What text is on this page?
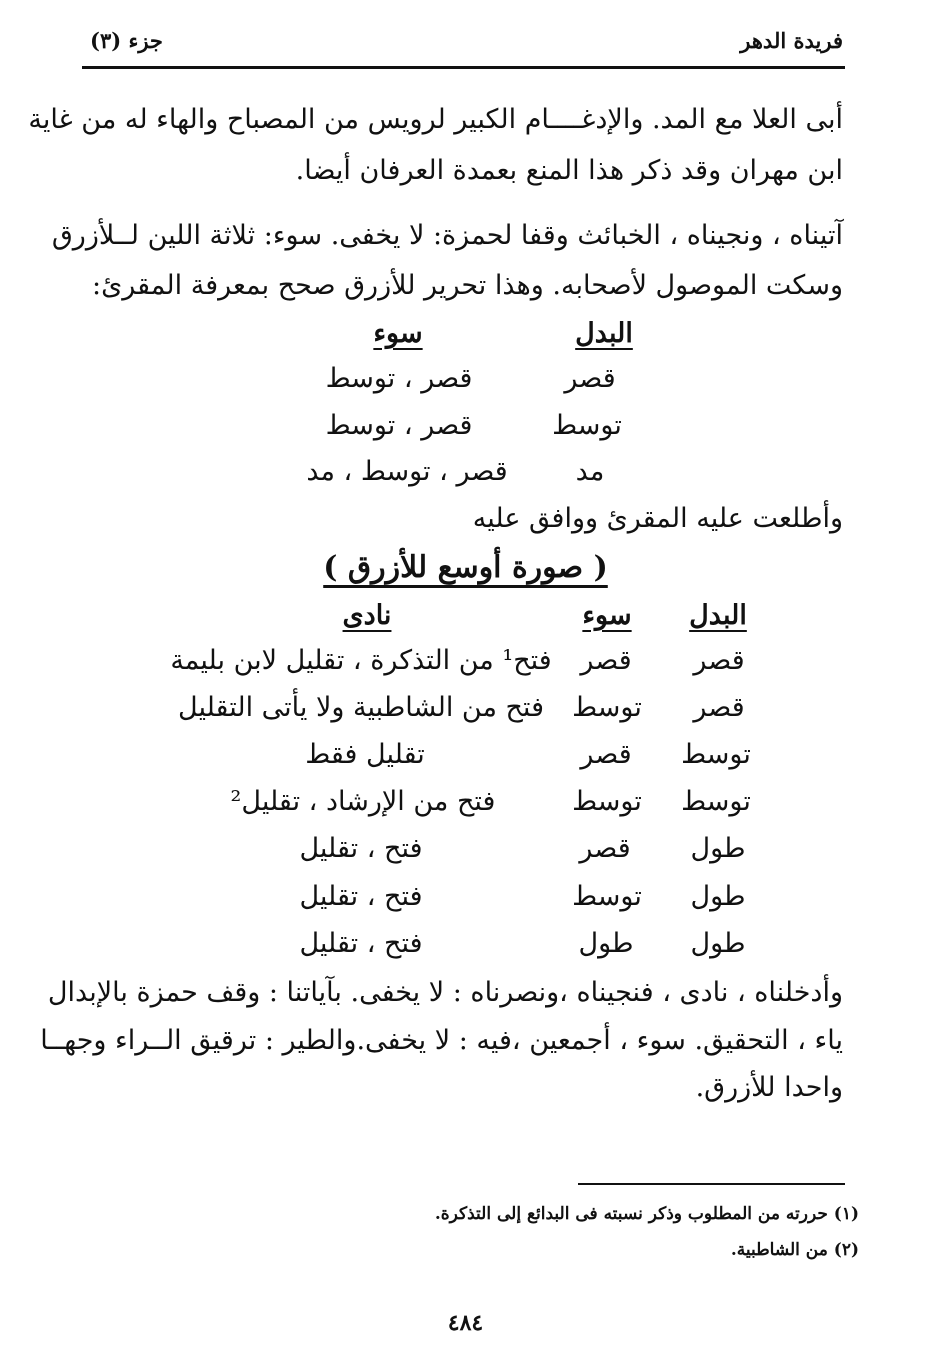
فريدة الدهر
جزء (٣)
أبى العلا مع المد. والإدغــــام الكبير لرويس من المصباح والهاء له من غاية
ابن مهران وقد ذكر هذا المنع بعمدة العرفان أيضا.
آتيناه ، ونجيناه ، الخبائث وقفا لحمزة: لا يخفى. سوء: ثلاثة اللين لــلأزرق
وسكت الموصول لأصحابه. وهذا تحرير للأزرق صحح بمعرفة المقرئ:
البدل
سوء
قصر
قصر ، توسط
توسط
قصر ، توسط
مد
قصر ، توسط ، مد
وأطلعت عليه المقرئ ووافق عليه
( صورة أوسع للأزرق )
البدل
سوء
نادى
قصر
قصر
فتح¹ من التذكرة ، تقليل لابن بليمة
قصر
توسط
فتح من الشاطبية ولا يأتى التقليل
توسط
قصر
تقليل فقط
توسط
توسط
فتح من الإرشاد ، تقليل²
طول
قصر
فتح ، تقليل
طول
توسط
فتح ، تقليل
طول
طول
فتح ، تقليل
وأدخلناه ، نادى ، فنجيناه ،ونصرناه : لا يخفى. بآياتنا : وقف حمزة بالإبدال
ياء ، التحقيق. سوء ، أجمعين ،فيه : لا يخفى.والطير : ترقيق الــراء وجهــا
واحدا للأزرق.
(١) حررته من المطلوب وذكر نسبته فى البدائع إلى التذكرة.
(٢) من الشاطبية.
٤٨٤
